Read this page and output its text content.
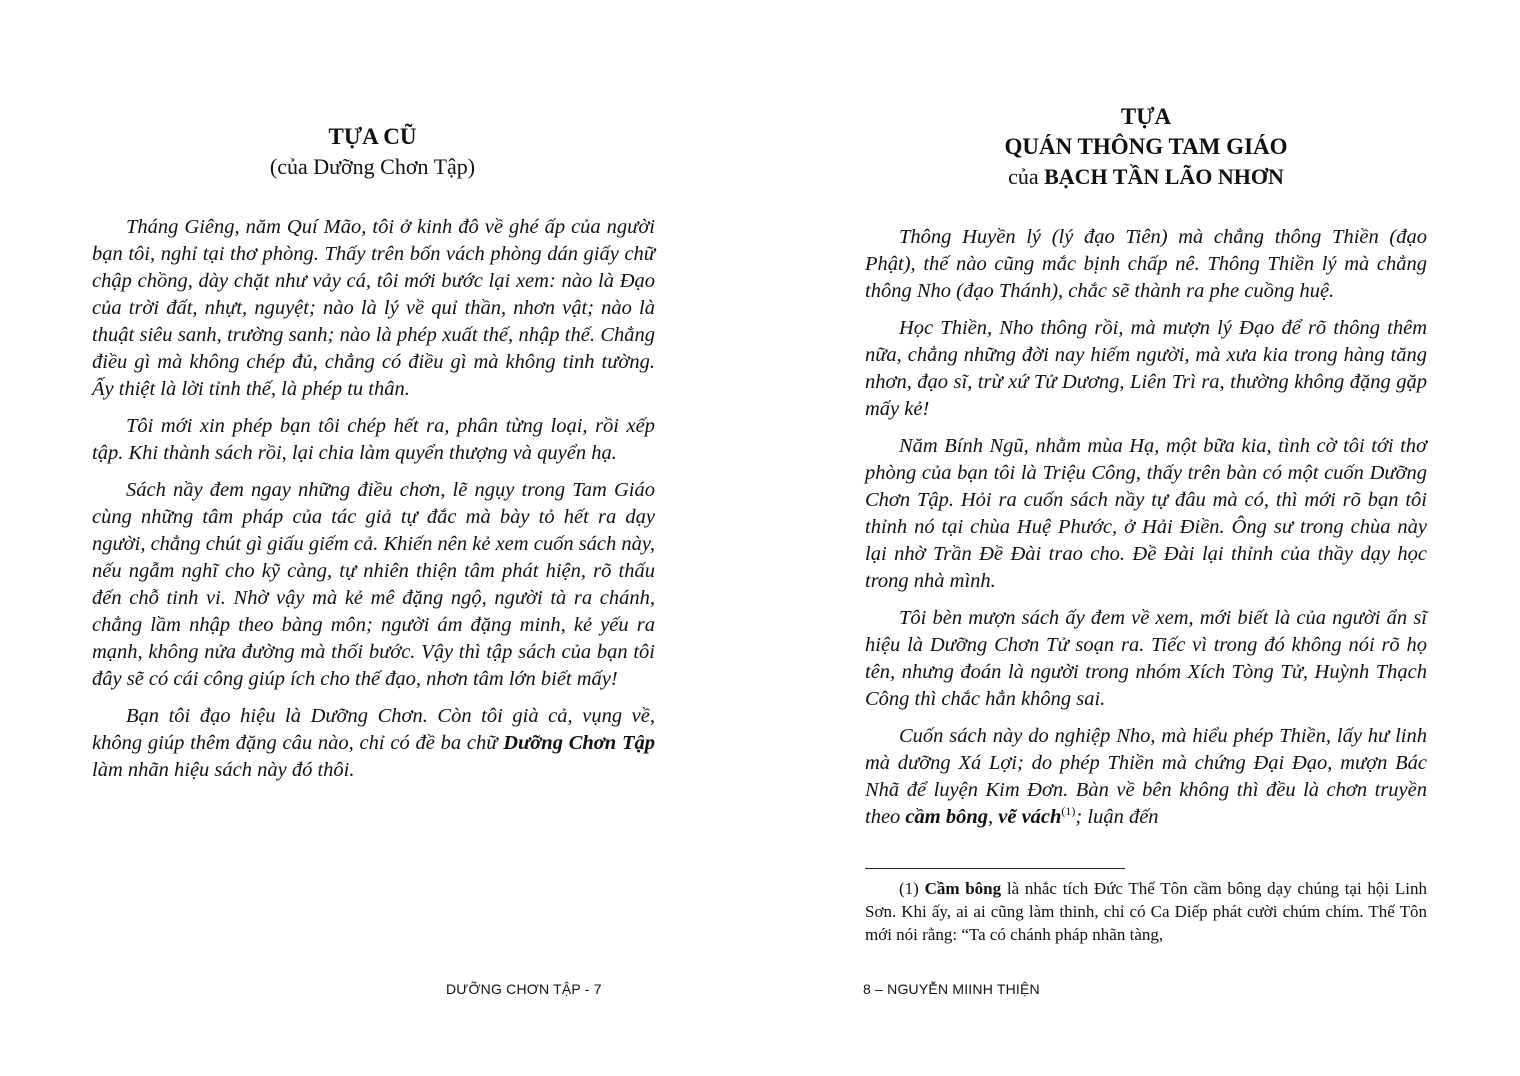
TỰA CŨ
(của Dưỡng Chơn Tập)

Tháng Giêng, năm Quí Mão, tôi ở kinh đô về ghé ấp của người bạn tôi, nghỉ tại thơ phòng. Thấy trên bốn vách phòng dán giấy chữ chập chồng, dày chặt như vảy cá, tôi mới bước lại xem: nào là Đạo của trời đất, nhựt, nguyệt; nào là lý về quỉ thần, nhơn vật; nào là thuật siêu sanh, trường sanh; nào là phép xuất thế, nhập thế. Chẳng điều gì mà không chép đủ, chẳng có điều gì mà không tinh tường. Ấy thiệt là lời tỉnh thế, là phép tu thân.

Tôi mới xin phép bạn tôi chép hết ra, phân từng loại, rồi xếp tập. Khi thành sách rồi, lại chia làm quyển thượng và quyển hạ.

Sách nầy đem ngay những điều chơn, lẽ ngụy trong Tam Giáo cùng những tâm pháp của tác giả tự đắc mà bày tỏ hết ra dạy người, chẳng chút gì giấu giếm cả. Khiến nên kẻ xem cuốn sách này, nếu ngẫm nghĩ cho kỹ càng, tự nhiên thiện tâm phát hiện, rõ thấu đến chỗ tinh vi. Nhờ vậy mà kẻ mê đặng ngộ, người tà ra chánh, chẳng lầm nhập theo bàng môn; người ám đặng minh, kẻ yếu ra mạnh, không nửa đường mà thối bước. Vậy thì tập sách của bạn tôi đây sẽ có cái công giúp ích cho thế đạo, nhơn tâm lớn biết mấy!

Bạn tôi đạo hiệu là Dưỡng Chơn. Còn tôi già cả, vụng về, không giúp thêm đặng câu nào, chỉ có đề ba chữ Dưỡng Chơn Tập làm nhãn hiệu sách này đó thôi.

DƯỠNG CHƠN TẬP - 7
TỰA
QUÁN THÔNG TAM GIÁO
của BẠCH TẦN LÃO NHƠN

Thông Huyền lý (lý đạo Tiên) mà chẳng thông Thiền (đạo Phật), thế nào cũng mắc bịnh chấp nê. Thông Thiền lý mà chẳng thông Nho (đạo Thánh), chắc sẽ thành ra phe cuồng huệ.

Học Thiền, Nho thông rồi, mà mượn lý Đạo để rõ thông thêm nữa, chẳng những đời nay hiếm người, mà xưa kia trong hàng tăng nhơn, đạo sĩ, trừ xứ Tử Dương, Liên Trì ra, thường không đặng gặp mấy kẻ!

Năm Bính Ngũ, nhằm mùa Hạ, một bữa kia, tình cờ tôi tới thơ phòng của bạn tôi là Triệu Công, thấy trên bàn có một cuốn Dưỡng Chơn Tập. Hỏi ra cuốn sách nầy tự đâu mà có, thì mới rõ bạn tôi thỉnh nó tại chùa Huệ Phước, ở Hải Điền. Ông sư trong chùa này lại nhờ Trần Đề Đài trao cho. Đề Đài lại thỉnh của thầy dạy học trong nhà mình.

Tôi bèn mượn sách ấy đem về xem, mới biết là của người ẩn sĩ hiệu là Dưỡng Chơn Tử soạn ra. Tiếc vì trong đó không nói rõ họ tên, nhưng đoán là người trong nhóm Xích Tòng Tử, Huỳnh Thạch Công thì chắc hẳn không sai.

Cuốn sách này do nghiệp Nho, mà hiểu phép Thiền, lấy hư linh mà dưỡng Xá Lợi; do phép Thiền mà chứng Đại Đạo, mượn Bác Nhã để luyện Kim Đơn. Bàn về bên không thì đều là chơn truyền theo cầm bông, vẽ vách$^{(1)}$; luận đến

(1) Cầm bông là nhắc tích Đức Thế Tôn cầm bông dạy chúng tại hội Linh Sơn. Khi ấy, ai ai cũng làm thinh, chỉ có Ca Diếp phát cười chúm chím. Thế Tôn mới nói rằng: “Ta có chánh pháp nhãn tàng,

8 – NGUYỄN MIINH THIỆN
